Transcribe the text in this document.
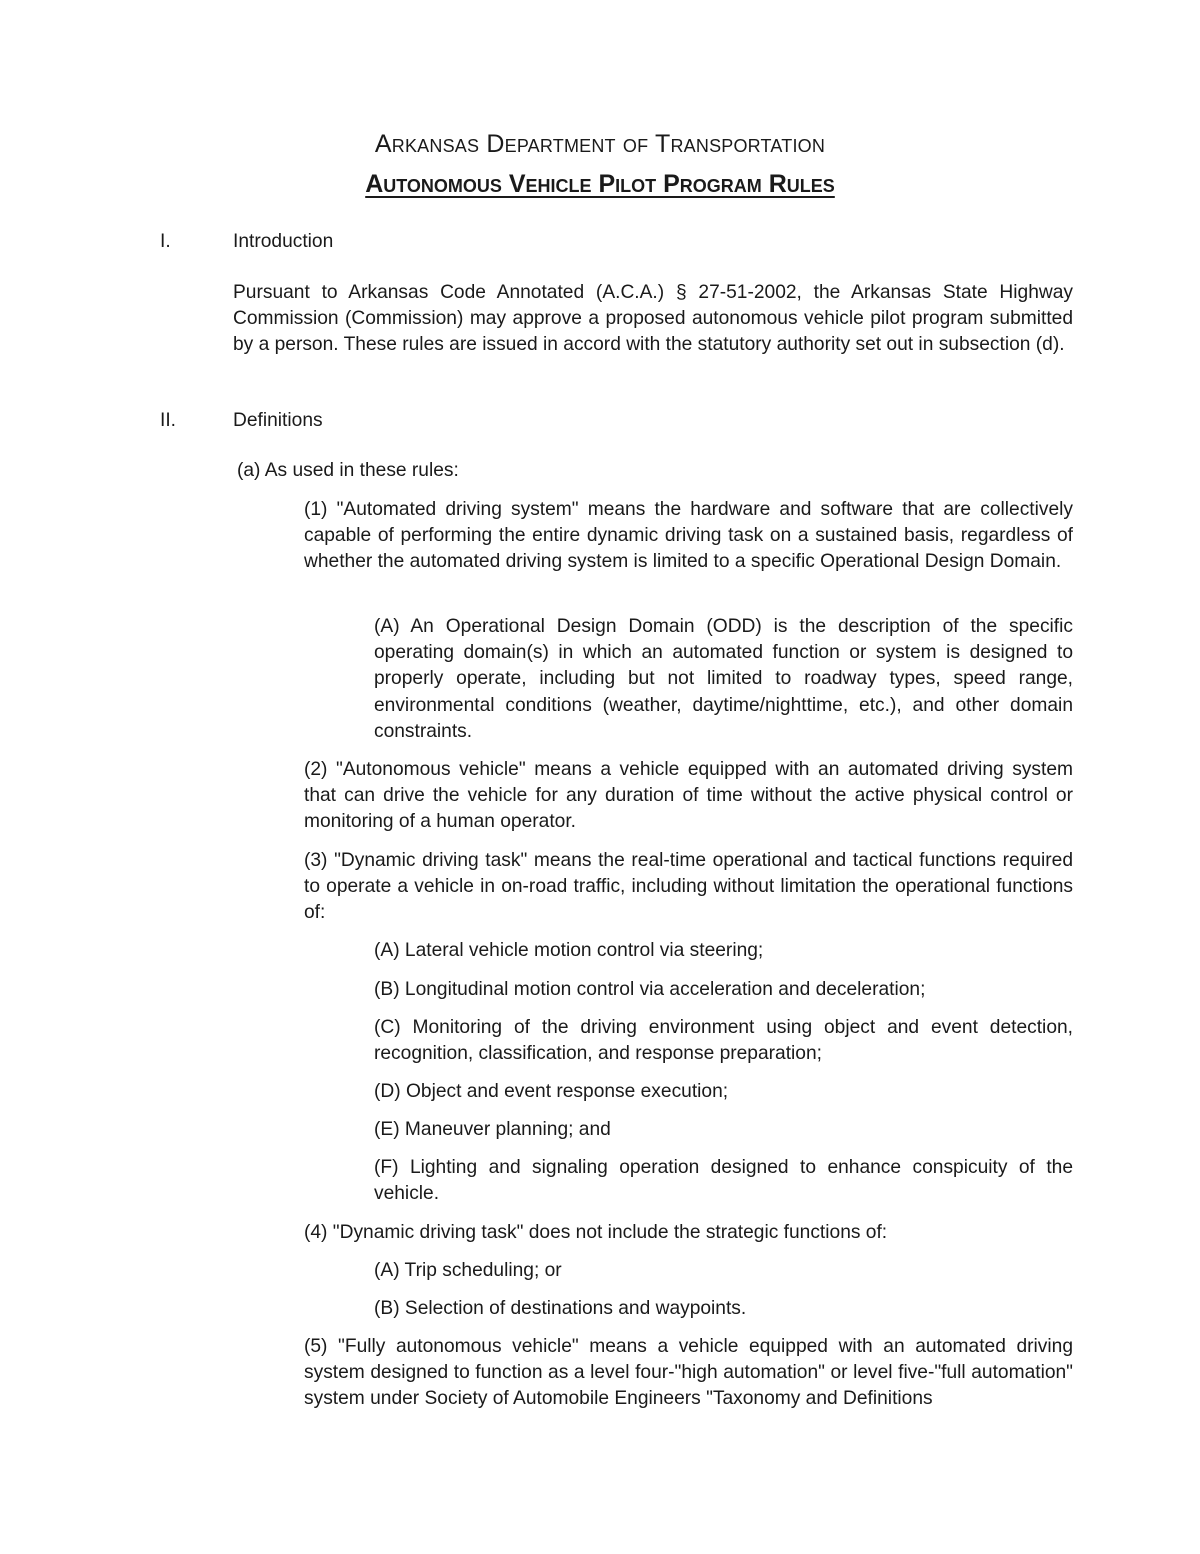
Arkansas Department of Transportation
Autonomous Vehicle Pilot Program Rules
I.	Introduction

Pursuant to Arkansas Code Annotated (A.C.A.) § 27-51-2002, the Arkansas State Highway Commission (Commission) may approve a proposed autonomous vehicle pilot program submitted by a person. These rules are issued in accord with the statutory authority set out in subsection (d).

II.	Definitions

(a) As used in these rules:

(1) "Automated driving system" means the hardware and software that are collectively capable of performing the entire dynamic driving task on a sustained basis, regardless of whether the automated driving system is limited to a specific Operational Design Domain.

(A) An Operational Design Domain (ODD) is the description of the specific operating domain(s) in which an automated function or system is designed to properly operate, including but not limited to roadway types, speed range, environmental conditions (weather, daytime/nighttime, etc.), and other domain constraints.

(2) "Autonomous vehicle" means a vehicle equipped with an automated driving system that can drive the vehicle for any duration of time without the active physical control or monitoring of a human operator.

(3) "Dynamic driving task" means the real-time operational and tactical functions required to operate a vehicle in on-road traffic, including without limitation the operational functions of:

(A) Lateral vehicle motion control via steering;

(B) Longitudinal motion control via acceleration and deceleration;

(C) Monitoring of the driving environment using object and event detection, recognition, classification, and response preparation;

(D) Object and event response execution;

(E) Maneuver planning; and

(F) Lighting and signaling operation designed to enhance conspicuity of the vehicle.

(4) "Dynamic driving task" does not include the strategic functions of:

(A) Trip scheduling; or

(B) Selection of destinations and waypoints.

(5) "Fully autonomous vehicle" means a vehicle equipped with an automated driving system designed to function as a level four-"high automation" or level five-"full automation" system under Society of Automobile Engineers "Taxonomy and Definitions
